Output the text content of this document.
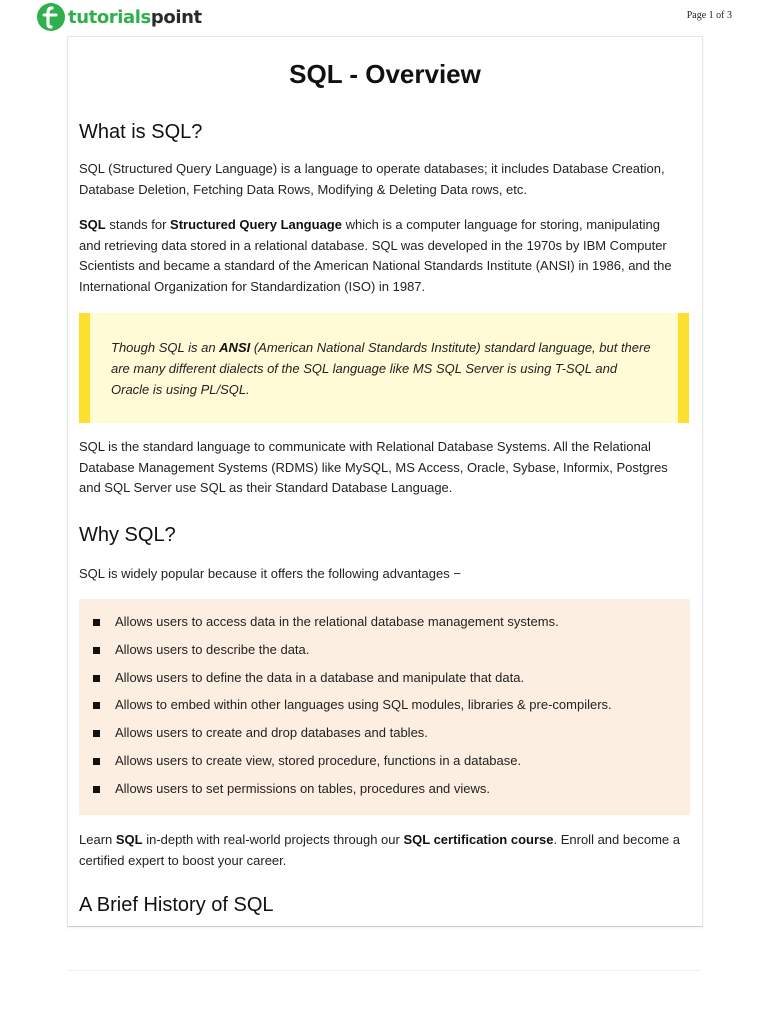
tutorialspoint	Page 1 of 3
SQL - Overview
What is SQL?

SQL (Structured Query Language) is a language to operate databases; it includes Database Creation, Database Deletion, Fetching Data Rows, Modifying & Deleting Data rows, etc.

SQL stands for Structured Query Language which is a computer language for storing, manipulating and retrieving data stored in a relational database. SQL was developed in the 1970s by IBM Computer Scientists and became a standard of the American National Standards Institute (ANSI) in 1986, and the International Organization for Standardization (ISO) in 1987.

Though SQL is an ANSI (American National Standards Institute) standard language, but there are many different dialects of the SQL language like MS SQL Server is using T-SQL and Oracle is using PL/SQL.

SQL is the standard language to communicate with Relational Database Systems. All the Relational Database Management Systems (RDMS) like MySQL, MS Access, Oracle, Sybase, Informix, Postgres and SQL Server use SQL as their Standard Database Language.

Why SQL?

SQL is widely popular because it offers the following advantages −

Allows users to access data in the relational database management systems.
Allows users to describe the data.
Allows users to define the data in a database and manipulate that data.
Allows to embed within other languages using SQL modules, libraries & pre-compilers.
Allows users to create and drop databases and tables.
Allows users to create view, stored procedure, functions in a database.
Allows users to set permissions on tables, procedures and views.

Learn SQL in-depth with real-world projects through our SQL certification course. Enroll and become a certified expert to boost your career.

A Brief History of SQL
